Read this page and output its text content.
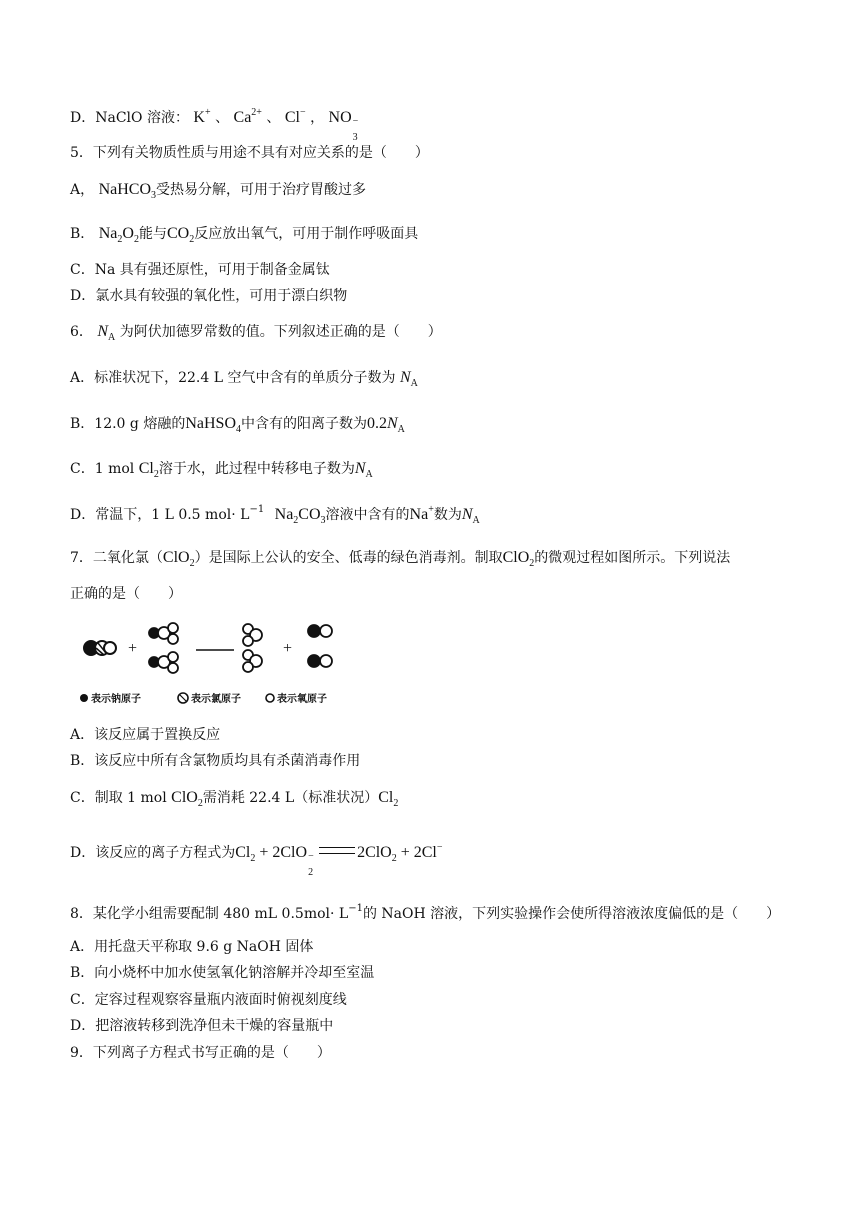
D．NaClO 溶液： K+ 、 $Ca^{2+}$ 、 Cl− ， NO −
3
5．下列有关物质性质与用途不具有对应关系的是（　　）
A， NaHCO$_3$受热易分解，可用于治疗胃酸过多
B． $Na_2O_2$能与$CO_2$反应放出氧气，可用于制作呼吸面具
C．Na 具有强还原性，可用于制备金属钛
D．氯水具有较强的氧化性，可用于漂白织物
6． $N_A$ 为阿伏加德罗常数的值。下列叙述正确的是（　　）
A．标准状况下，22.4 L 空气中含有的单质分子数为 $N_A$
B．12.0 g 熔融的NaHSO$_4$中含有的阳离子数为$0.2N_A$
C．1 mol $Cl_2$溶于水，此过程中转移电子数为$N_A$
D．常温下，1 L 0.5 $mol\cdot L^{-1}$ $Na_2CO_3$溶液中含有的Na+数为$N_A$
7．二氧化氯（ClO$_2$）是国际上公认的安全、低毒的绿色消毒剂。制取ClO$_2$的微观过程如图所示。下列说法
正确的是（　　）
+	+
表示钠原子	表示氯原子	表示氧原子
A．该反应属于置换反应
B．该反应中所有含氯物质均具有杀菌消毒作用
C．制取 1 mol ClO$_2$需消耗 22.4 L（标准状况）$Cl_2$
D．该反应的离子方程式为$Cl_2 + 2ClO$ −
2
2ClO$_2$ + 2Cl−
8．某化学小组需要配制 480 mL $0.5mol\cdot L^{-1}$的 NaOH 溶液，下列实验操作会使所得溶液浓度偏低的是（　　）
A．用托盘天平称取 9.6 g NaOH 固体
B．向小烧杯中加水使氢氧化钠溶解并冷却至室温
C．定容过程观察容量瓶内液面时俯视刻度线
D．把溶液转移到洗净但未干燥的容量瓶中
9．下列离子方程式书写正确的是（　　）
